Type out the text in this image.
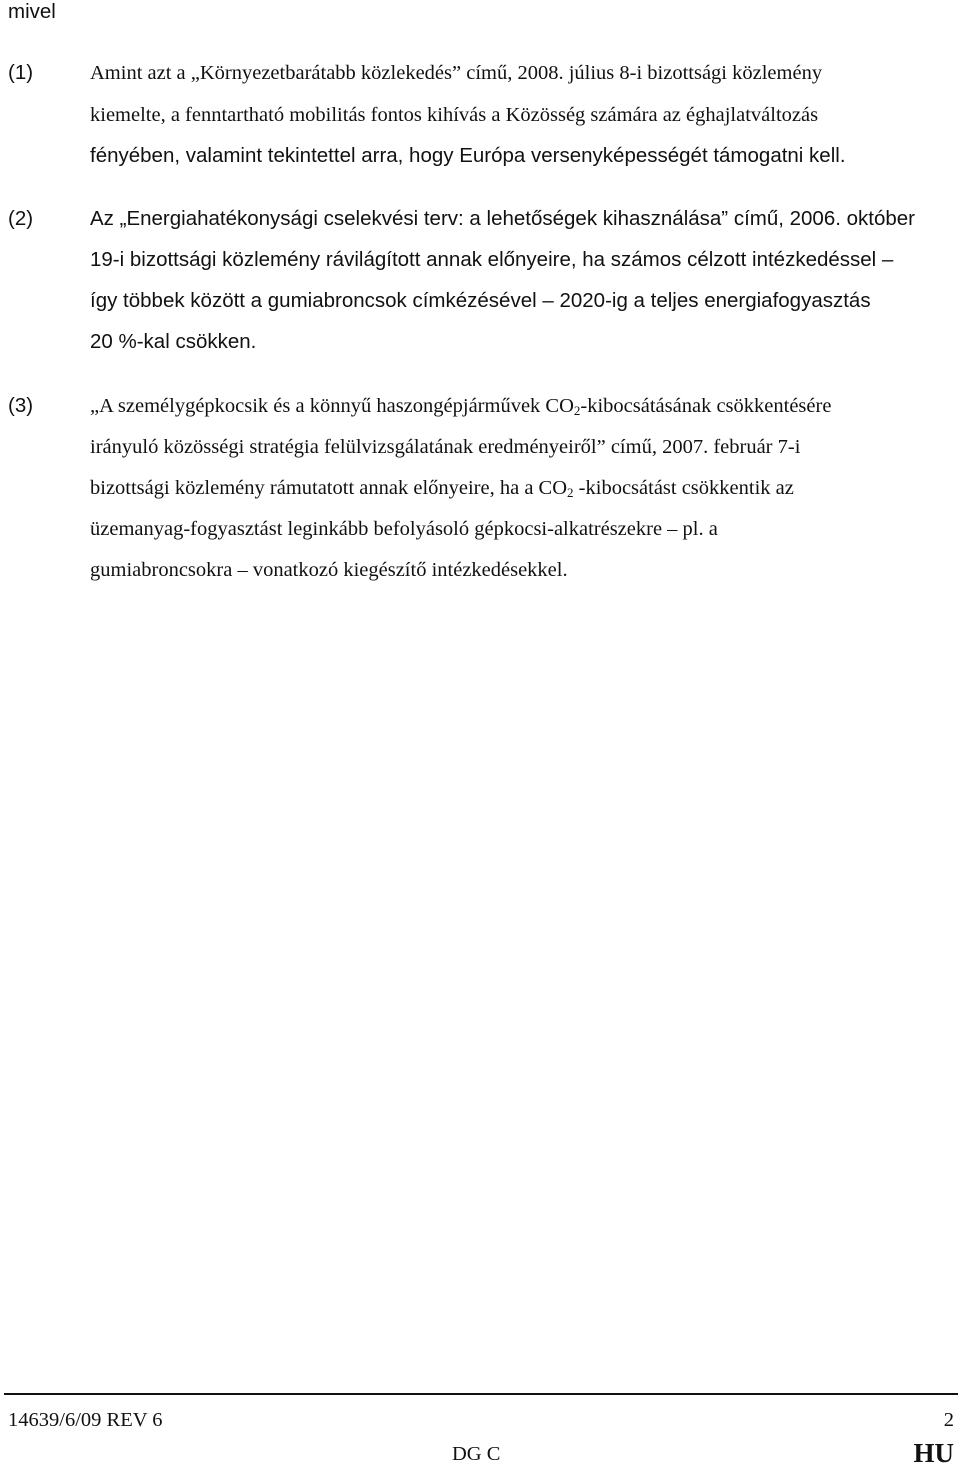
mivel
(1)	Amint azt a „Környezetbarátabb közlekedés” című, 2008. július 8-i bizottsági közlemény
kiemelte, a fenntartható mobilitás fontos kihívás a Közösség számára az éghajlatváltozás
fényében, valamint tekintettel arra, hogy Európa versenyképességét támogatni kell.
(2)	Az „Energiahatékonysági cselekvési terv: a lehetőségek kihasználása” című, 2006. október
19-i bizottsági közlemény rávilágított annak előnyeire, ha számos célzott intézkedéssel –
így többek között a gumiabroncsok címkézésével – 2020-ig a teljes energiafogyasztás
20 %-kal csökken.
(3)	„A személygépkocsik és a könnyű haszongépjárművek $CO_2$-kibocsátásának csökkentésére
irányuló közösségi stratégia felülvizsgálatának eredményeiről” című, 2007. február 7-i
bizottsági közlemény rámutatott annak előnyeire, ha a $CO_2$ -kibocsátást csökkentik az
üzemanyag-fogyasztást leginkább befolyásoló gépkocsi-alkatrészekre – pl. a
gumiabroncsokra – vonatkozó kiegészítő intézkedésekkel.
14639/6/09 REV 6	2
DG C	HU
